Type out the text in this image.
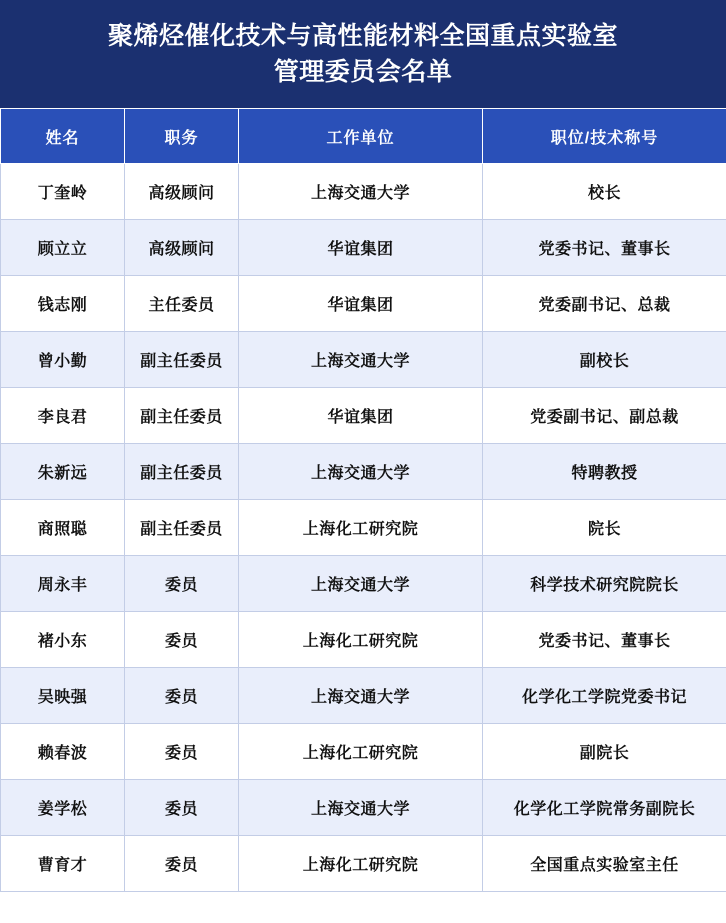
聚烯烃催化技术与高性能材料全国重点实验室
管理委员会名单
姓名	职务	工作单位	职位/技术称号
丁奎岭	高级顾问	上海交通大学	校长
顾立立	高级顾问	华谊集团	党委书记、董事长
钱志刚	主任委员	华谊集团	党委副书记、总裁
曾小勤	副主任委员	上海交通大学	副校长
李良君	副主任委员	华谊集团	党委副书记、副总裁
朱新远	副主任委员	上海交通大学	特聘教授
商照聪	副主任委员	上海化工研究院	院长
周永丰	委员	上海交通大学	科学技术研究院院长
褚小东	委员	上海化工研究院	党委书记、董事长
吴映强	委员	上海交通大学	化学化工学院党委书记
赖春波	委员	上海化工研究院	副院长
姜学松	委员	上海交通大学	化学化工学院常务副院长
曹育才	委员	上海化工研究院	全国重点实验室主任
